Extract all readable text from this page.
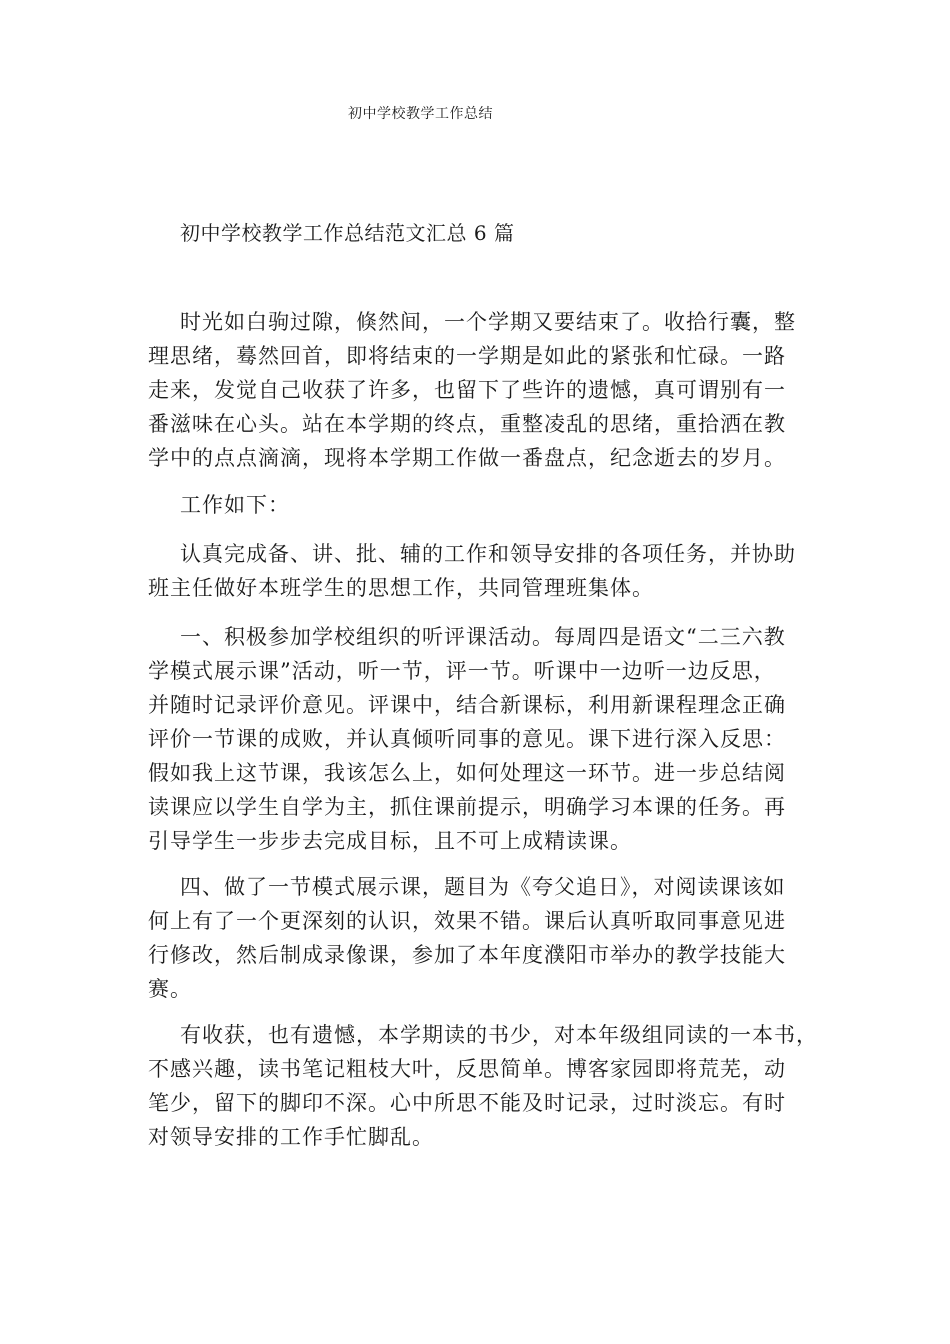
初中学校教学工作总结
初中学校教学工作总结范文汇总 6 篇
时光如白驹过隙，倏然间，一个学期又要结束了。收拾行囊，整
理思绪，蓦然回首，即将结束的一学期是如此的紧张和忙碌。一路
走来，发觉自己收获了许多，也留下了些许的遗憾，真可谓别有一
番滋味在心头。站在本学期的终点，重整凌乱的思绪，重拾洒在教
学中的点点滴滴，现将本学期工作做一番盘点，纪念逝去的岁月。
工作如下：
认真完成备、讲、批、辅的工作和领导安排的各项任务，并协助
班主任做好本班学生的思想工作，共同管理班集体。
一、积极参加学校组织的听评课活动。每周四是语文“二三六教
学模式展示课”活动，听一节，评一节。听课中一边听一边反思，
并随时记录评价意见。评课中，结合新课标，利用新课程理念正确
评价一节课的成败，并认真倾听同事的意见。课下进行深入反思：
假如我上这节课，我该怎么上，如何处理这一环节。进一步总结阅
读课应以学生自学为主，抓住课前提示，明确学习本课的任务。再
引导学生一步步去完成目标，且不可上成精读课。
四、做了一节模式展示课，题目为《夸父追日》，对阅读课该如
何上有了一个更深刻的认识，效果不错。课后认真听取同事意见进
行修改，然后制成录像课，参加了本年度濮阳市举办的教学技能大
赛。
有收获，也有遗憾，本学期读的书少，对本年级组同读的一本书，
不感兴趣，读书笔记粗枝大叶，反思简单。博客家园即将荒芜，动
笔少，留下的脚印不深。心中所思不能及时记录，过时淡忘。有时
对领导安排的工作手忙脚乱。
